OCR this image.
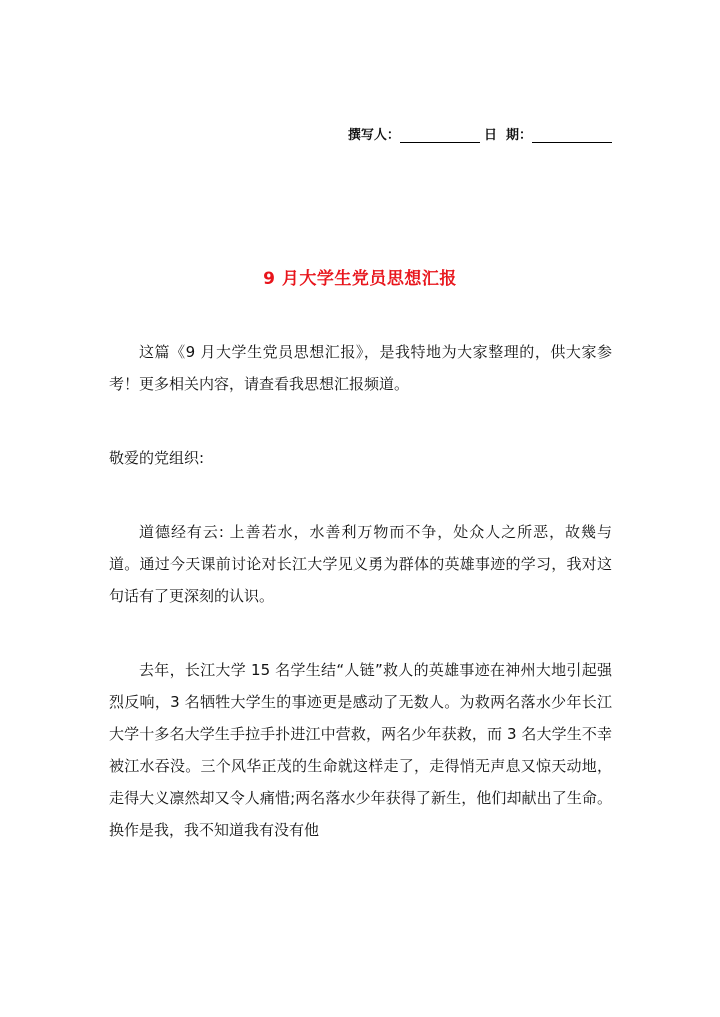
撰写人：	日  期：
9 月大学生党员思想汇报

这篇《9 月大学生党员思想汇报》，是我特地为大家整理的，供大家参考！更多相关内容，请查看我思想汇报频道。

敬爱的党组织:

道德经有云: 上善若水，水善利万物而不争，处众人之所恶，故幾与道。通过今天课前讨论对长江大学见义勇为群体的英雄事迹的学习，我对这句话有了更深刻的认识。

去年，长江大学 15 名学生结“人链”救人的英雄事迹在神州大地引起强烈反响，3 名牺牲大学生的事迹更是感动了无数人。为救两名落水少年长江大学十多名大学生手拉手扑进江中营救，两名少年获救，而 3 名大学生不幸被江水吞没。三个风华正茂的生命就这样走了，走得悄无声息又惊天动地，走得大义凛然却又令人痛惜;两名落水少年获得了新生，他们却献出了生命。换作是我，我不知道我有没有他
